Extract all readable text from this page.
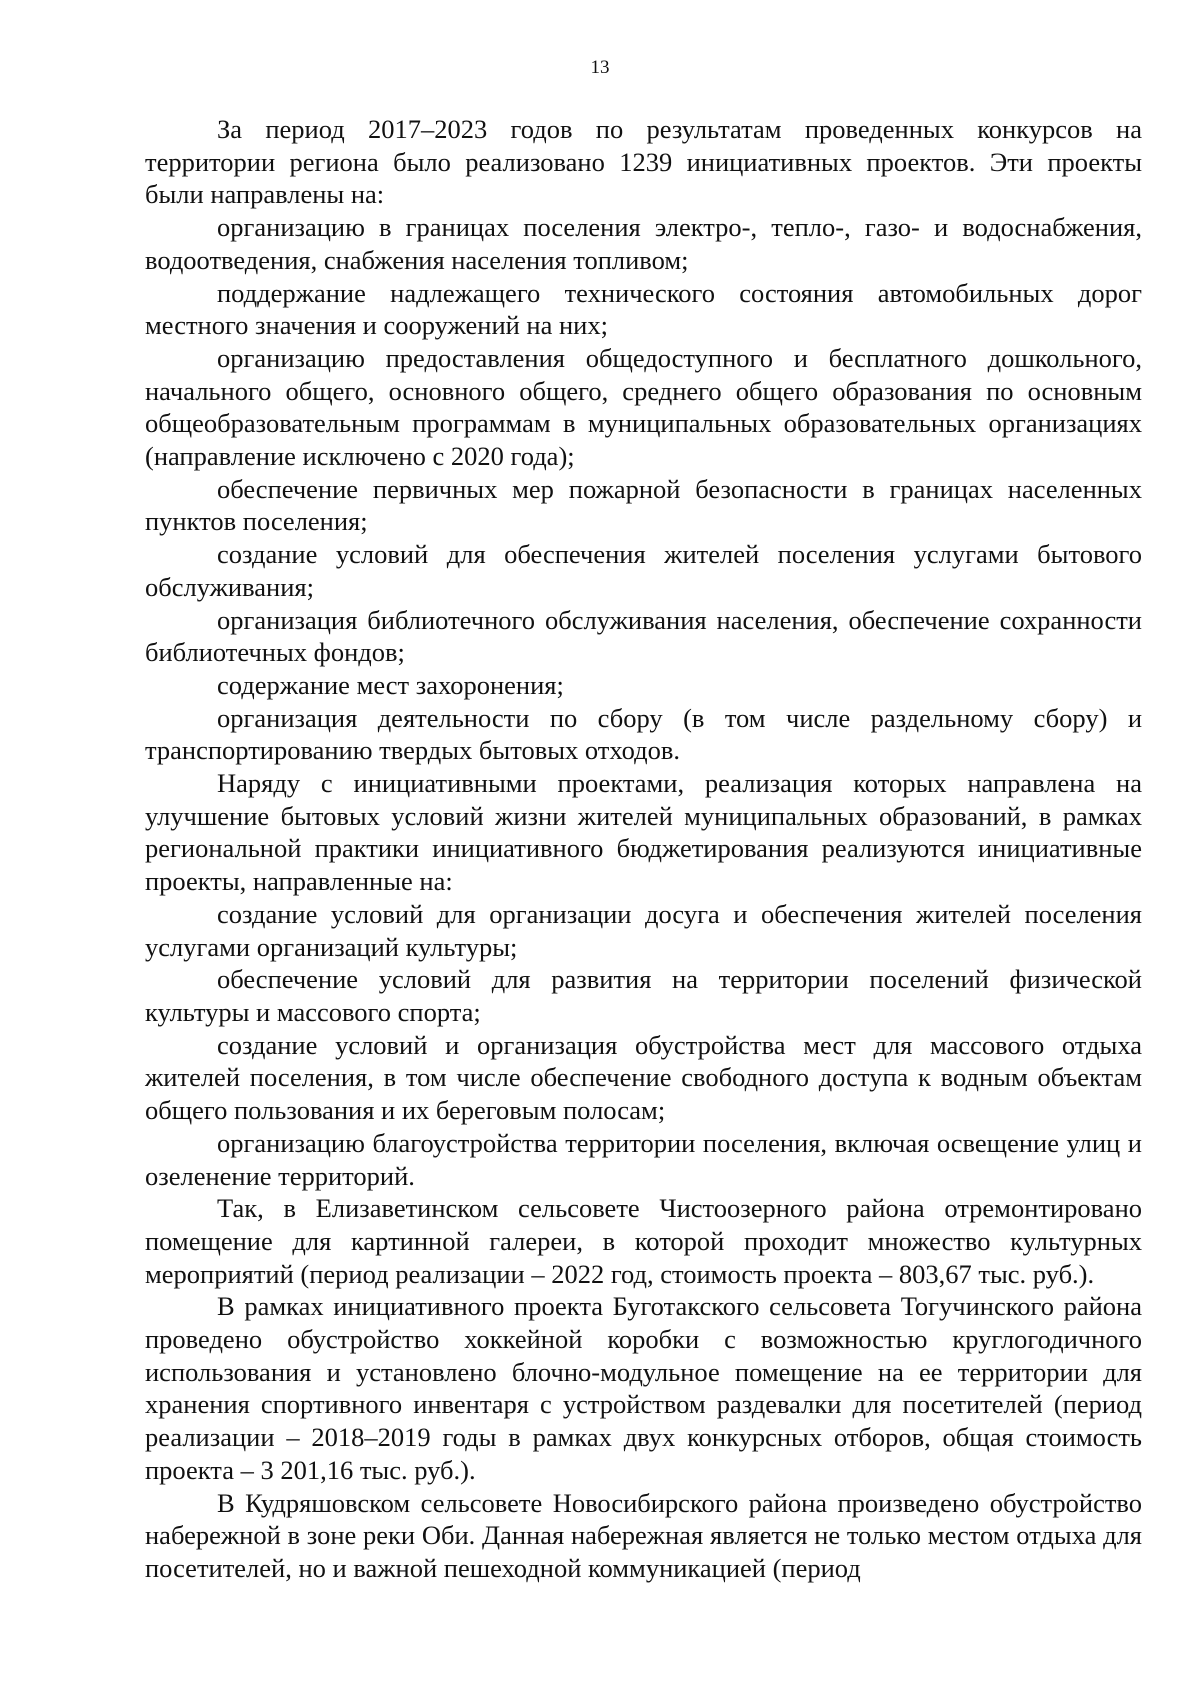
13

За период 2017–2023 годов по результатам проведенных конкурсов на территории региона было реализовано 1239 инициативных проектов. Эти проекты были направлены на:

организацию в границах поселения электро-, тепло-, газо- и водоснабжения, водоотведения, снабжения населения топливом;

поддержание надлежащего технического состояния автомобильных дорог местного значения и сооружений на них;

организацию предоставления общедоступного и бесплатного дошкольного, начального общего, основного общего, среднего общего образования по основным общеобразовательным программам в муниципальных образовательных организациях (направление исключено с 2020 года);

обеспечение первичных мер пожарной безопасности в границах населенных пунктов поселения;

создание условий для обеспечения жителей поселения услугами бытового обслуживания;

организация библиотечного обслуживания населения, обеспечение сохранности библиотечных фондов;

содержание мест захоронения;

организация деятельности по сбору (в том числе раздельному сбору) и транспортированию твердых бытовых отходов.

Наряду с инициативными проектами, реализация которых направлена на улучшение бытовых условий жизни жителей муниципальных образований, в рамках региональной практики инициативного бюджетирования реализуются инициативные проекты, направленные на:

создание условий для организации досуга и обеспечения жителей поселения услугами организаций культуры;

обеспечение условий для развития на территории поселений физической культуры и массового спорта;

создание условий и организация обустройства мест для массового отдыха жителей поселения, в том числе обеспечение свободного доступа к водным объектам общего пользования и их береговым полосам;

организацию благоустройства территории поселения, включая освещение улиц и озеленение территорий.

Так, в Елизаветинском сельсовете Чистоозерного района отремонтировано помещение для картинной галереи, в которой проходит множество культурных мероприятий (период реализации – 2022 год, стоимость проекта – 803,67 тыс. руб.).

В рамках инициативного проекта Буготакского сельсовета Тогучинского района проведено обустройство хоккейной коробки с возможностью круглогодичного использования и установлено блочно-модульное помещение на ее территории для хранения спортивного инвентаря с устройством раздевалки для посетителей (период реализации – 2018–2019 годы в рамках двух конкурсных отборов, общая стоимость проекта – 3 201,16 тыс. руб.).

В Кудряшовском сельсовете Новосибирского района произведено обустройство набережной в зоне реки Оби. Данная набережная является не только местом отдыха для посетителей, но и важной пешеходной коммуникацией (период
